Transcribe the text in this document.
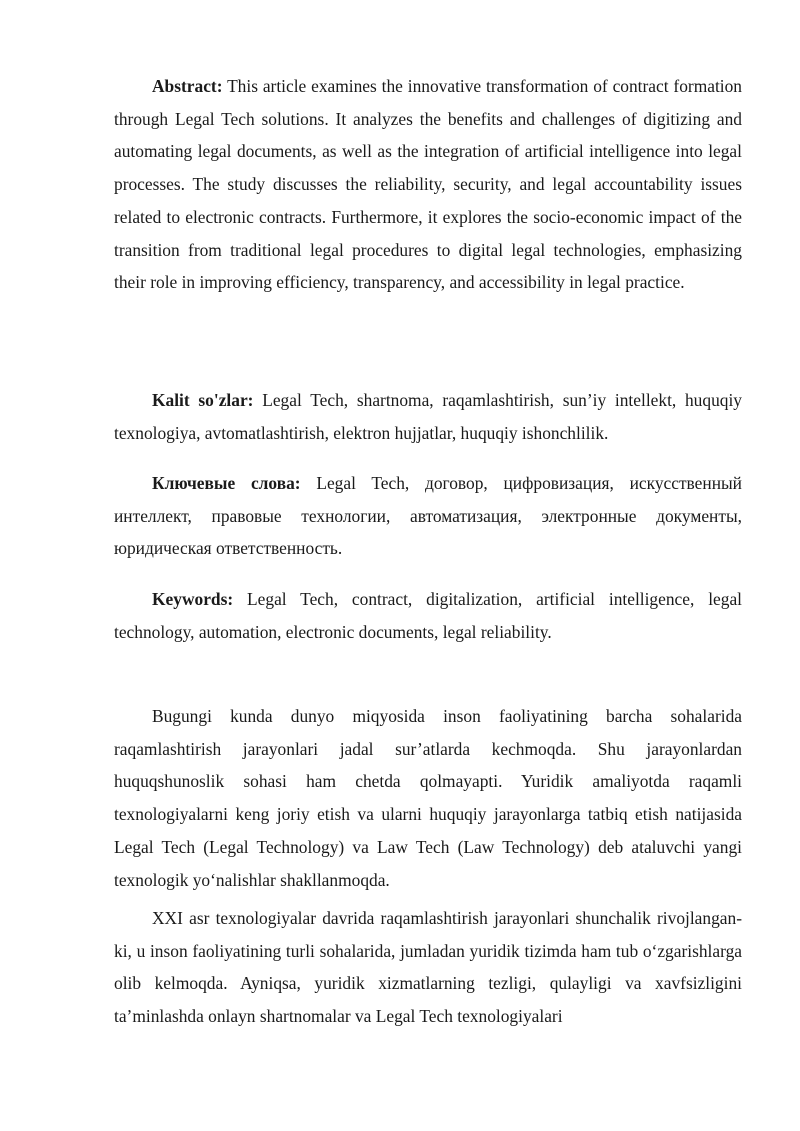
Abstract: This article examines the innovative transformation of contract formation through Legal Tech solutions. It analyzes the benefits and challenges of digitizing and automating legal documents, as well as the integration of artificial intelligence into legal processes. The study discusses the reliability, security, and legal accountability issues related to electronic contracts. Furthermore, it explores the socio-economic impact of the transition from traditional legal procedures to digital legal technologies, emphasizing their role in improving efficiency, transparency, and accessibility in legal practice.

Kalit so'zlar: Legal Tech, shartnoma, raqamlashtirish, sun’iy intellekt, huquqiy texnologiya, avtomatlashtirish, elektron hujjatlar, huquqiy ishonchlilik.

Ключевые слова: Legal Tech, договор, цифровизация, искусственный интеллект, правовые технологии, автоматизация, электронные документы, юридическая ответственность.

Keywords: Legal Tech, contract, digitalization, artificial intelligence, legal technology, automation, electronic documents, legal reliability.

Bugungi kunda dunyo miqyosida inson faoliyatining barcha sohalarida raqamlashtirish jarayonlari jadal sur’atlarda kechmoqda. Shu jarayonlardan huquqshunoslik sohasi ham chetda qolmayapti. Yuridik amaliyotda raqamli texnologiyalarni keng joriy etish va ularni huquqiy jarayonlarga tatbiq etish natijasida Legal Tech (Legal Technology) va Law Tech (Law Technology) deb ataluvchi yangi texnologik yo‘nalishlar shakllanmoqda.

XXI asr texnologiyalar davrida raqamlashtirish jarayonlari shunchalik rivojlangan-ki, u inson faoliyatining turli sohalarida, jumladan yuridik tizimda ham tub o‘zgarishlarga olib kelmoqda. Ayniqsa, yuridik xizmatlarning tezligi, qulayligi va xavfsizligini ta’minlashda onlayn shartnomalar va Legal Tech texnologiyalari
